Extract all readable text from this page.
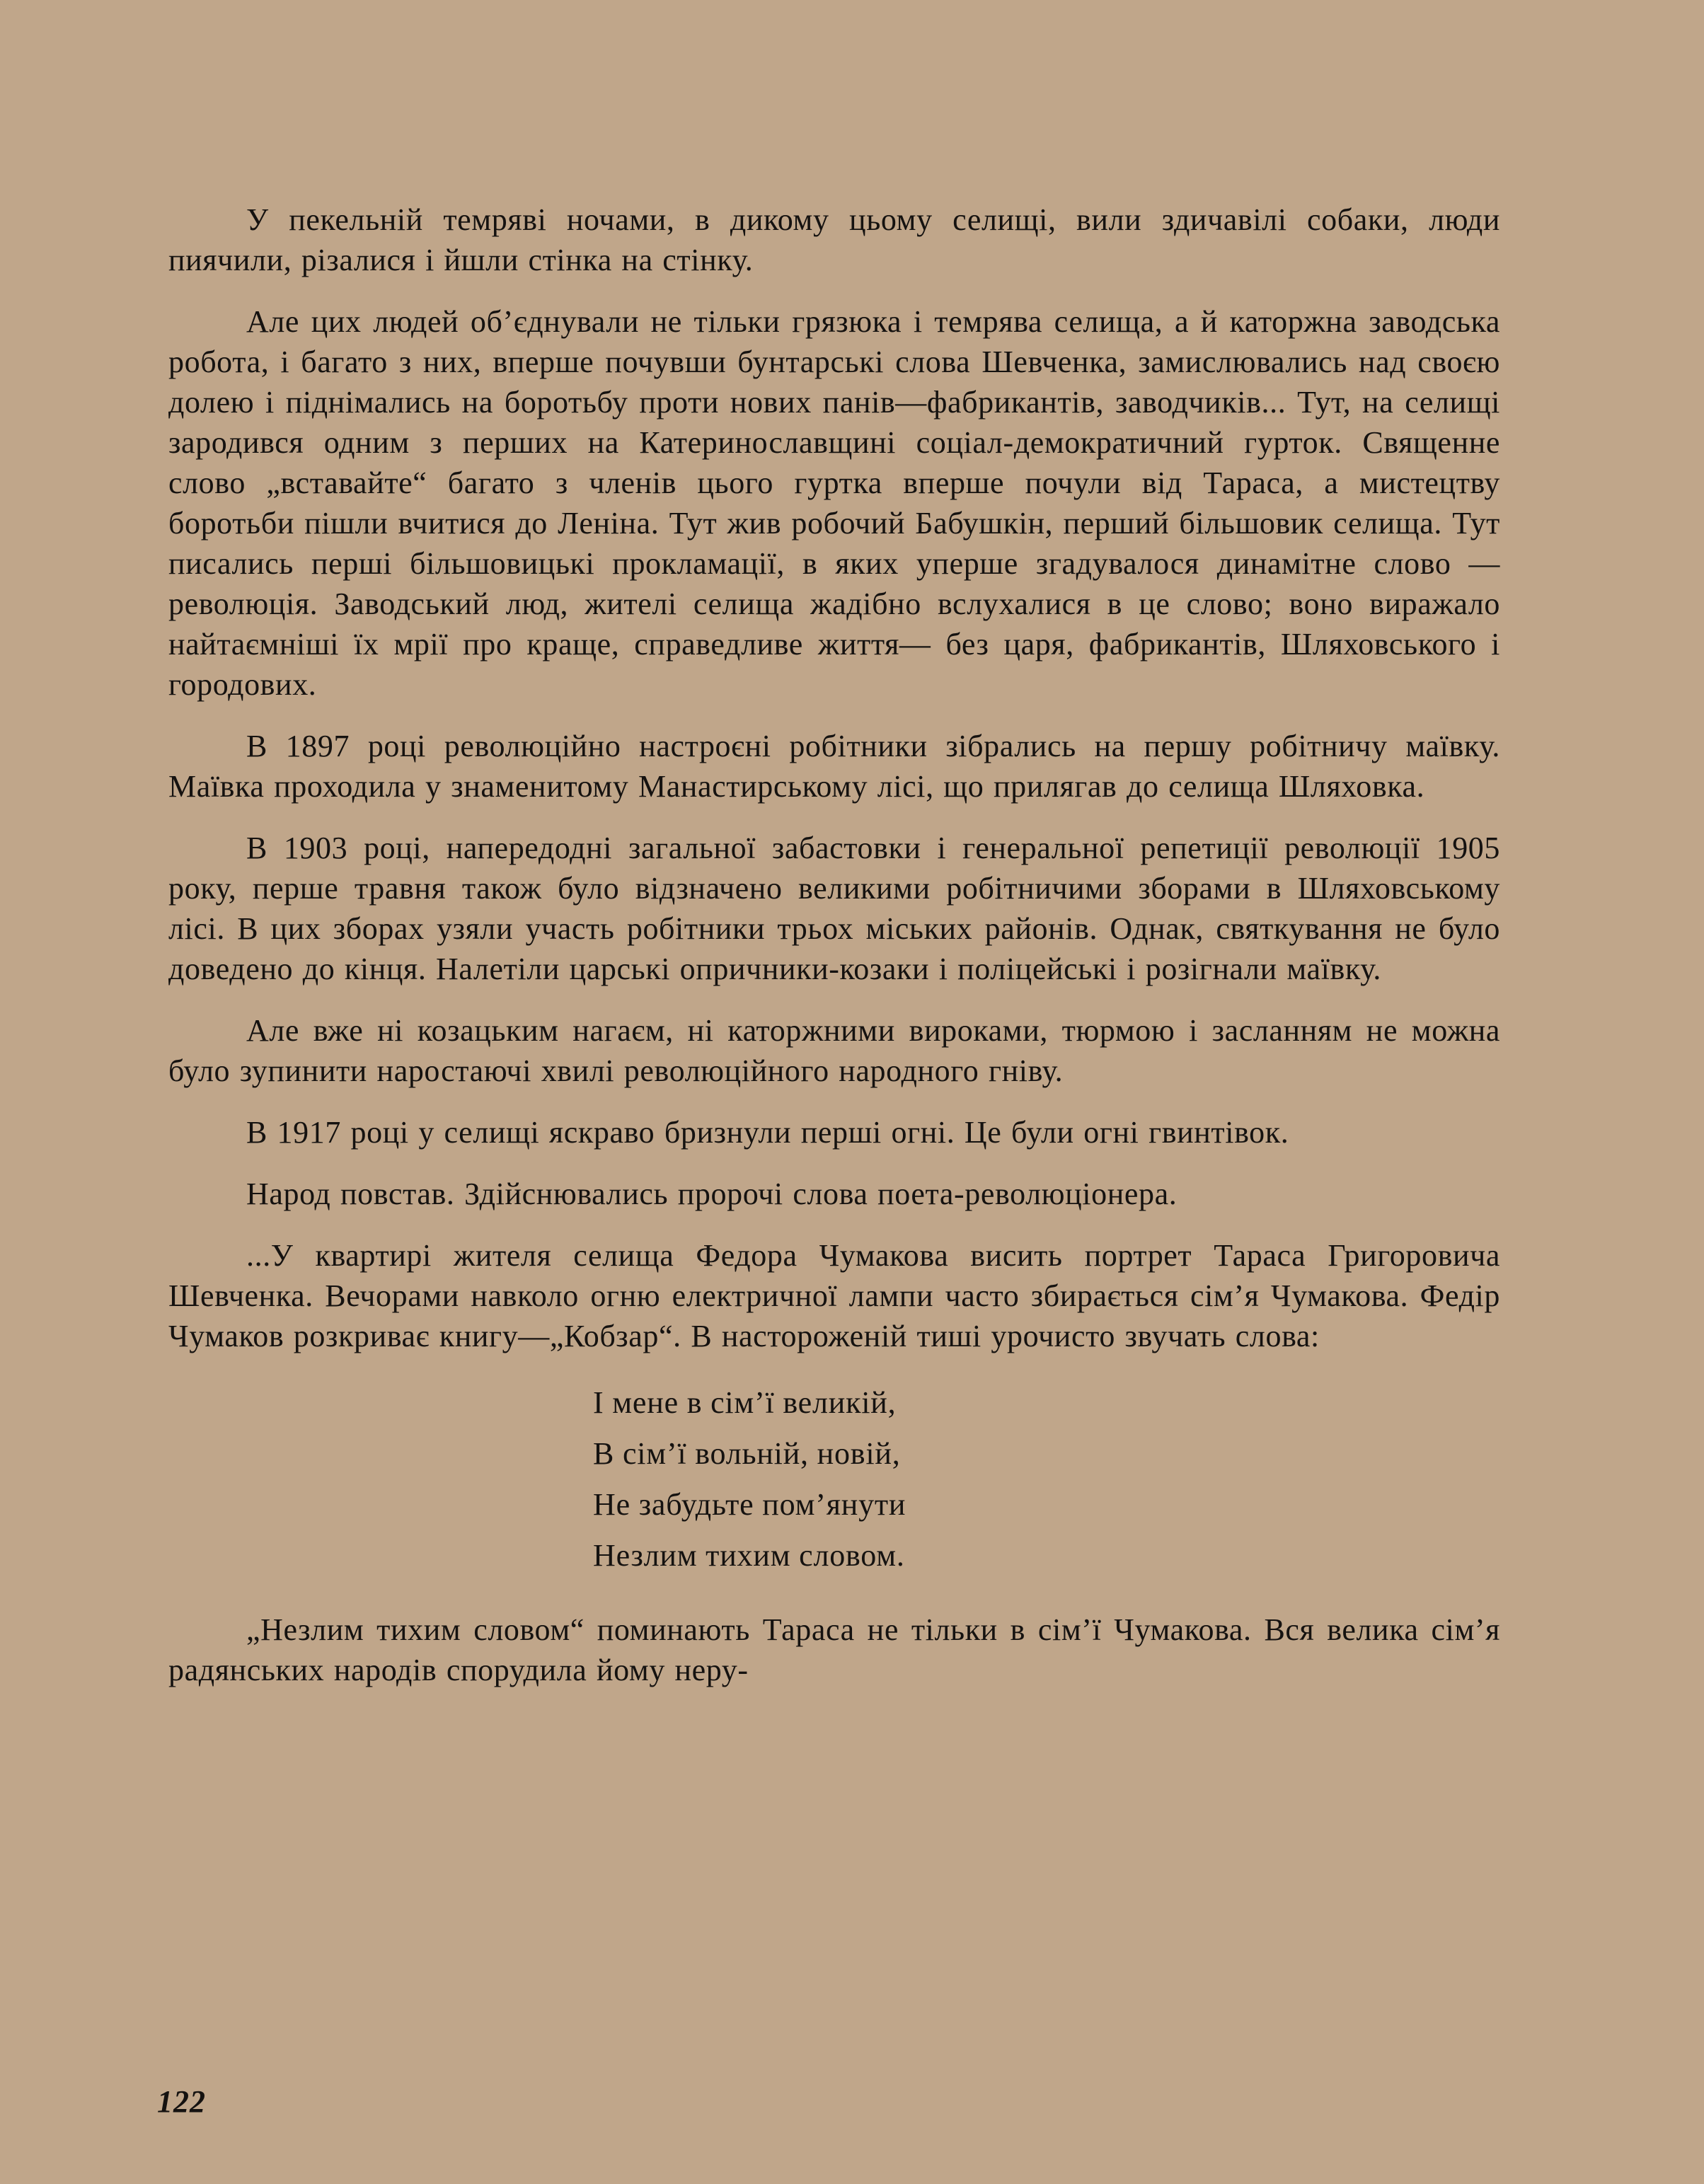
У пекельній темряві ночами, в дикому цьому селищі, вили здичавілі собаки, люди пиячили, різалися і йшли стінка на стінку.

Але цих людей об’єднували не тільки грязюка і темрява селища, а й каторжна заводська робота, і багато з них, вперше почувши бунтарські слова Шевченка, замислювались над своєю долею і піднімались на боротьбу проти нових панів—фабрикантів, заводчиків... Тут, на селищі зародився одним з перших на Катеринославщині соціал-демократичний гурток. Священне слово „вставайте“ багато з членів цього гуртка вперше почули від Тараса, а мистецтву боротьби пішли вчитися до Леніна. Тут жив робочий Бабушкін, перший більшовик селища. Тут писались перші більшовицькі прокламації, в яких уперше згадувалося динамітне слово — революція. Заводський люд, жителі селища жадібно вслухалися в це слово; воно виражало найтаємніші їх мрії про краще, справедливе життя— без царя, фабрикантів, Шляховського і городових.

В 1897 році революційно настроєні робітники зібрались на першу робітничу маївку. Маївка проходила у знаменитому Манастирському лісі, що прилягав до селища Шляховка.

В 1903 році, напередодні загальної забастовки і генеральної репетиції революції 1905 року, перше травня також було відзначено великими робітничими зборами в Шляховському лісі. В цих зборах узяли участь робітники трьох міських районів. Однак, святкування не було доведено до кінця. Налетіли царські опричники-козаки і поліцейські і розігнали маївку.

Але вже ні козацьким нагаєм, ні каторжними вироками, тюрмою і засланням не можна було зупинити наростаючі хвилі революційного народного гніву.

В 1917 році у селищі яскраво бризнули перші огні. Це були огні гвинтівок.

Народ повстав. Здійснювались пророчі слова поета-революціонера.

...У квартирі жителя селища Федора Чумакова висить портрет Тараса Григоровича Шевченка. Вечорами навколо огню електричної лампи часто збирається сім’я Чумакова. Федір Чумаков розкриває книгу—„Кобзар“. В настороженій тиші урочисто звучать слова:

І мене в сім’ї великій,
В сім’ї вольній, новій,
Не забудьте пом’янути
Незлим тихим словом.

„Незлим тихим словом“ поминають Тараса не тільки в сім’ї Чумакова. Вся велика сім’я радянських народів спорудила йому неру-

122
